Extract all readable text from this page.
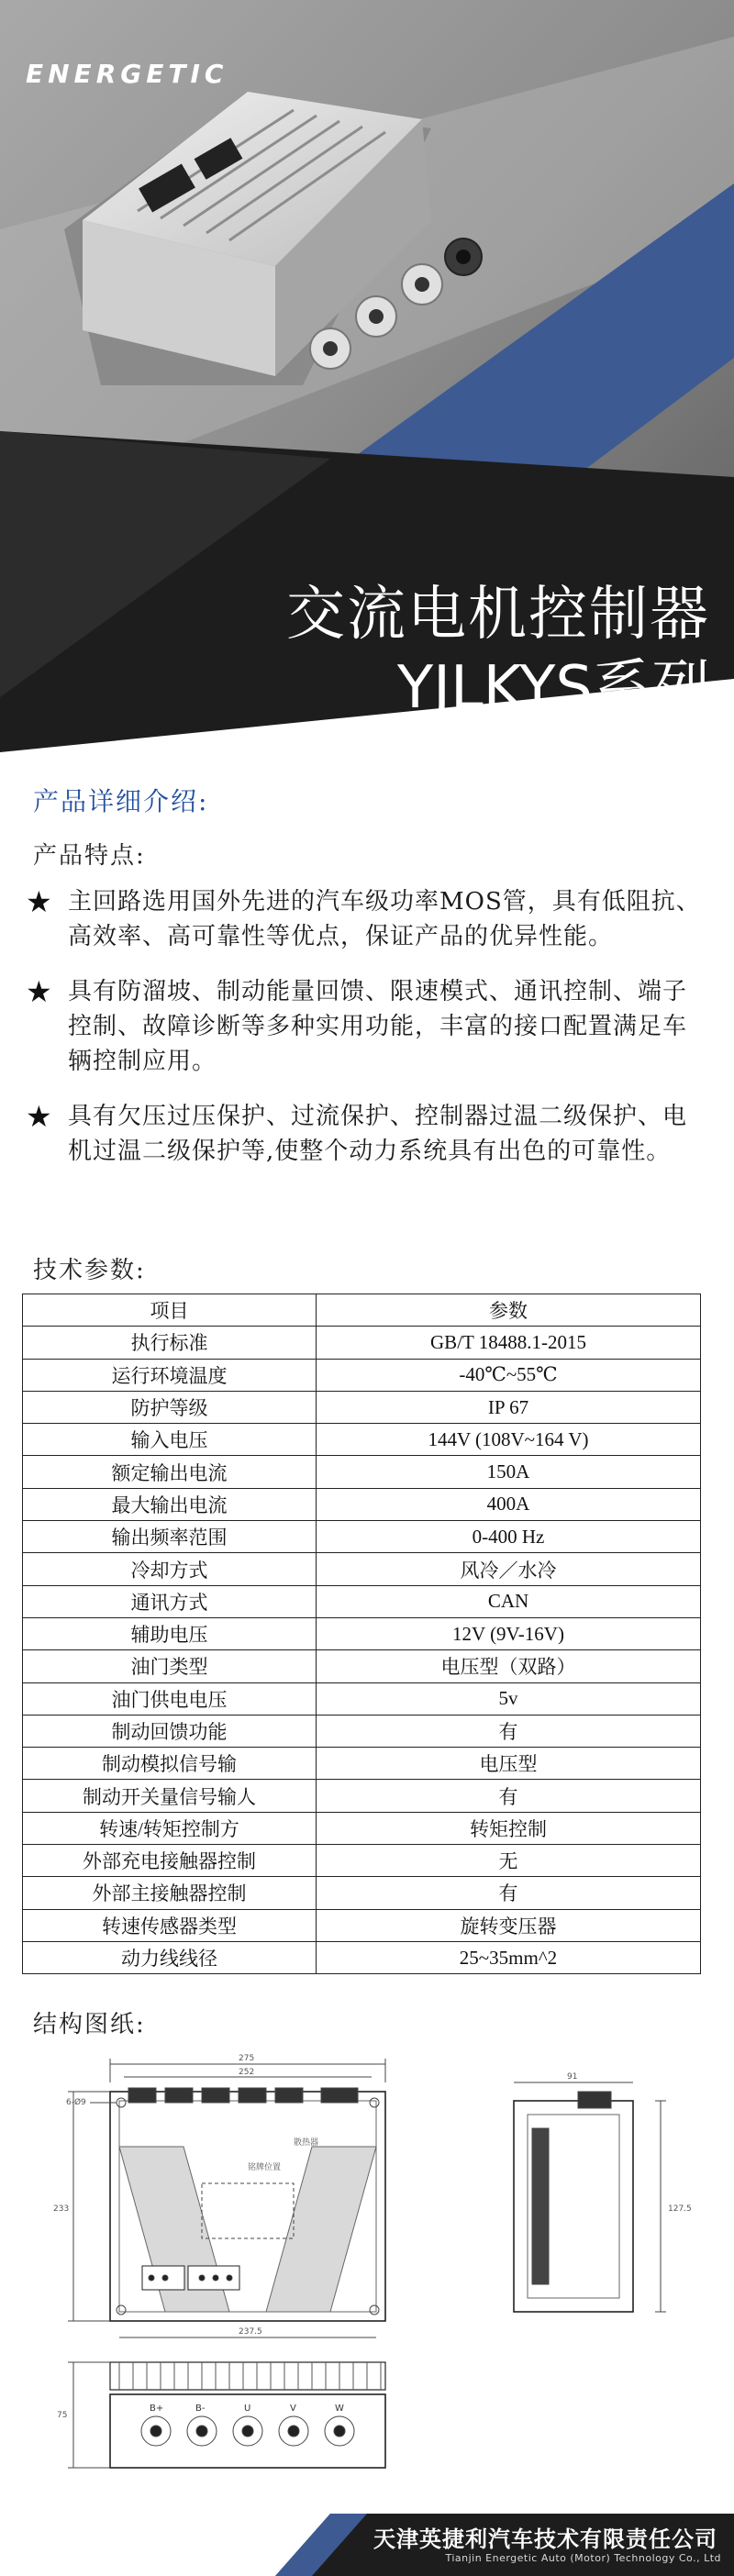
ENERGETIC
交流电机控制器
YJLKYS系列
产品详细介绍:
产品特点:
★ 主回路选用国外先进的汽车级功率MOS管，具有低阻抗、高效率、高可靠性等优点，保证产品的优异性能。
★ 具有防溜坡、制动能量回馈、限速模式、通讯控制、端子控制、故障诊断等多种实用功能，丰富的接口配置满足车辆控制应用。
★ 具有欠压过压保护、过流保护、控制器过温二级保护、电机过温二级保护等,使整个动力系统具有出色的可靠性。
技术参数:
项目	参数
执行标准	GB/T 18488.1-2015
运行环境温度	-40℃~55℃
防护等级	IP 67
输入电压	144V (108V~164 V)
额定输出电流	150A
最大输出电流	400A
输出频率范围	0-400 Hz
冷却方式	风冷／水冷
通讯方式	CAN
辅助电压	12V (9V-16V)
油门类型	电压型（双路）
油门供电电压	5v
制动回馈功能	有
制动模拟信号输	电压型
制动开关量信号输人	有
转速/转矩控制方	转矩控制
外部充电接触器控制	无
外部主接触器控制	有
转速传感器类型	旋转变压器
动力线线径	25~35mm^2
结构图纸:
275
252
6-Ø9
散热器
铭牌位置
233
237.5
127.5
91
B+	B-	U	V	W
75
天津英捷利汽车技术有限责任公司
Tianjin Energetic Auto (Motor) Technology Co., Ltd
